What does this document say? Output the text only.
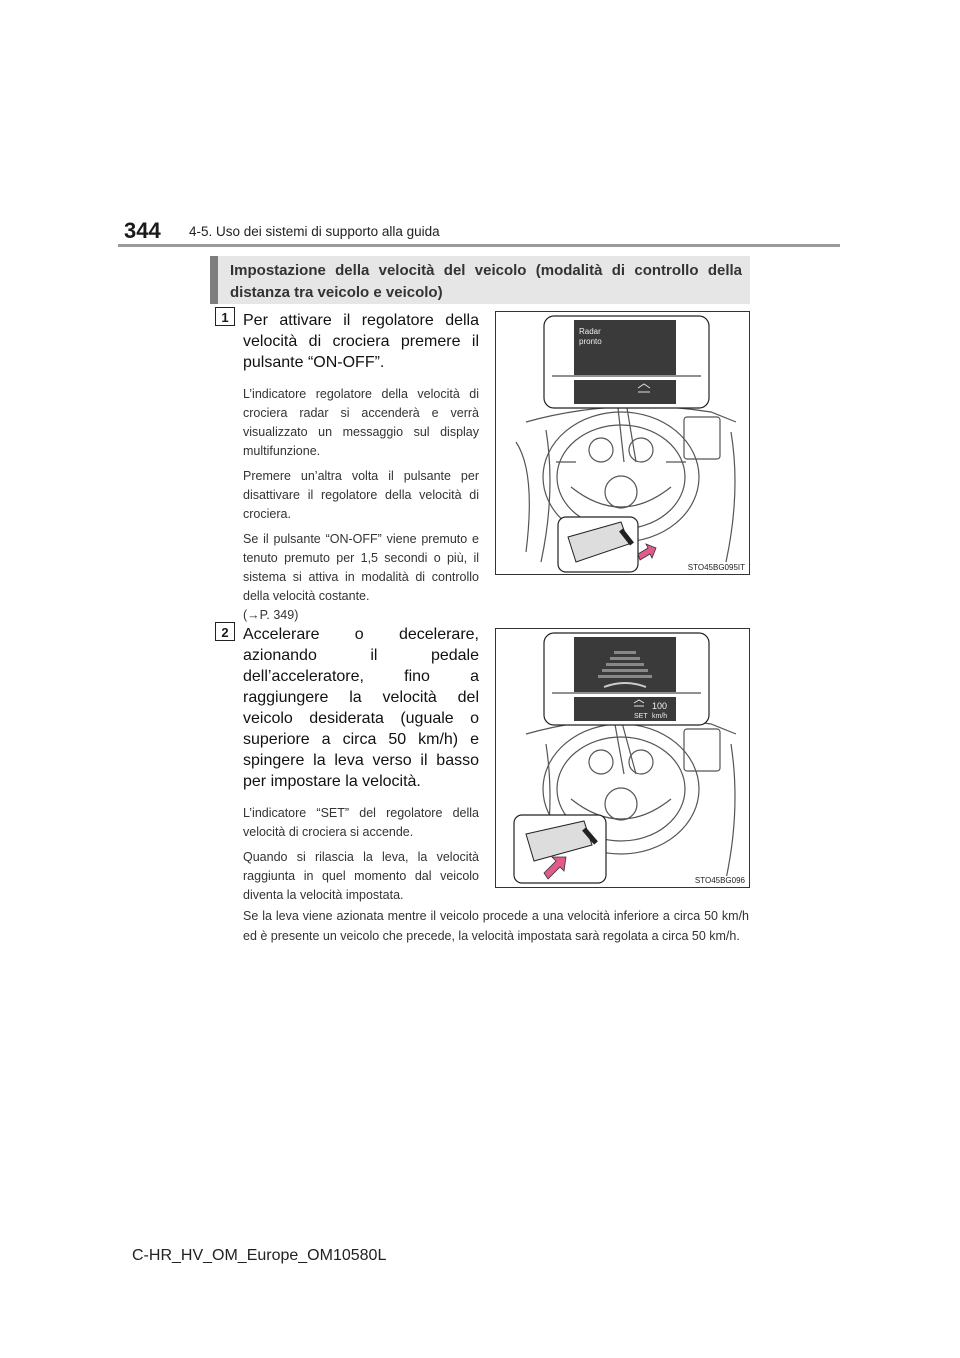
344 4-5. Uso dei sistemi di supporto alla guida
Impostazione della velocità del veicolo (modalità di controllo della distanza tra veicolo e veicolo)
1 Per attivare il regolatore della velocità di crociera premere il pulsante “ON-OFF”.

L’indicatore regolatore della velocità di crociera radar si accenderà e verrà visualizzato un messaggio sul display multifunzione.

Premere un’altra volta il pulsante per disattivare il regolatore della velocità di crociera.

Se il pulsante “ON-OFF” viene premuto e tenuto premuto per 1,5 secondi o più, il sistema si attiva in modalità di controllo della velocità costante.

(→P. 349)

Radar
pronto
STO45BG095IT
2 Accelerare o decelerare, azionando il pedale dell’acceleratore, fino a raggiungere la velocità del veicolo desiderata (uguale o superiore a circa 50 km/h) e spingere la leva verso il basso per impostare la velocità.

L’indicatore “SET” del regolatore della velocità di crociera si accende.

Quando si rilascia la leva, la velocità raggiunta in quel momento dal veicolo diventa la velocità impostata.

100
SET km/h
STO45BG096
Se la leva viene azionata mentre il veicolo procede a una velocità inferiore a circa 50 km/h ed è presente un veicolo che precede, la velocità impostata sarà regolata a circa 50 km/h.
C-HR_HV_OM_Europe_OM10580L
